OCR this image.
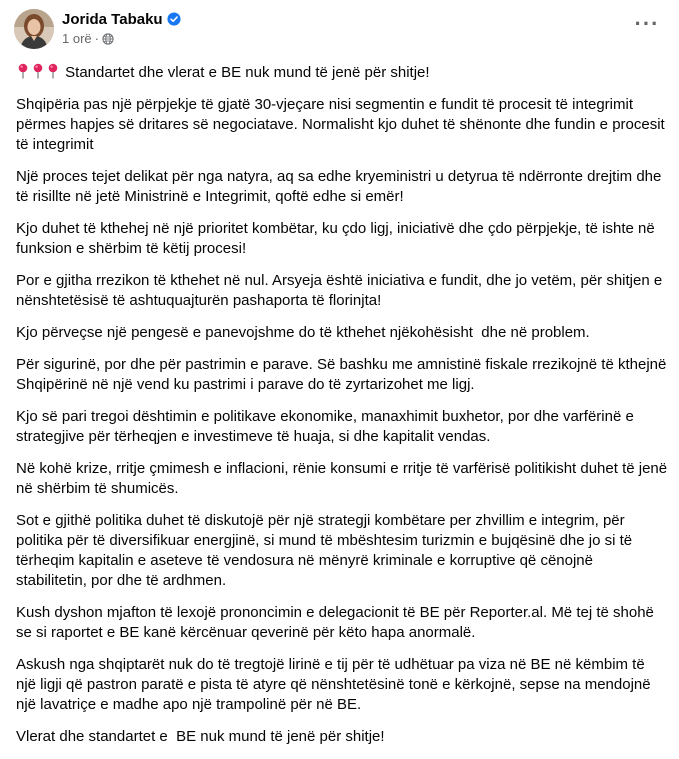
Jorida Tabaku
1 orë ·
···

Standartet dhe vlerat e BE nuk mund të jenë për shitje!

Shqipëria pas një përpjekje të gjatë 30-vjeçare nisi segmentin e fundit të procesit të integrimit përmes hapjes së dritares së negociatave. Normalisht kjo duhet të shënonte dhe fundin e procesit të integrimit

Një proces tejet delikat për nga natyra, aq sa edhe kryeministri u detyrua të ndërronte drejtim dhe të risillte në jetë Ministrinë e Integrimit, qoftë edhe si emër!

Kjo duhet të kthehej në një prioritet kombëtar, ku çdo ligj, iniciativë dhe çdo përpjekje, të ishte në funksion e shërbim të këtij procesi!

Por e gjitha rrezikon të kthehet në nul. Arsyeja është iniciativa e fundit, dhe jo vetëm, për shitjen e nënshtetësisë të ashtuquajturën pashaporta të florinjta!

Kjo përveçse një pengesë e panevojshme do të kthehet njëkohësisht  dhe në problem.

Për sigurinë, por dhe për pastrimin e parave. Së bashku me amnistinë fiskale rrezikojnë të kthejnë Shqipërinë në një vend ku pastrimi i parave do të zyrtarizohet me ligj.

Kjo së pari tregoi dështimin e politikave ekonomike, manaxhimit buxhetor, por dhe varfërinë e strategjive për tërheqjen e investimeve të huaja, si dhe kapitalit vendas.

Në kohë krize, rritje çmimesh e inflacioni, rënie konsumi e rritje të varfërisë politikisht duhet të jenë në shërbim të shumicës.

Sot e gjithë politika duhet të diskutojë për një strategji kombëtare per zhvillim e integrim, për politika për të diversifikuar energjinë, si mund të mbështesim turizmin e bujqësinë dhe jo si të tërheqim kapitalin e aseteve të vendosura në mënyrë kriminale e korruptive që cënojnë stabilitetin, por dhe të ardhmen.

Kush dyshon mjafton të lexojë prononcimin e delegacionit të BE për Reporter.al. Më tej të shohë se si raportet e BE kanë kërcënuar qeverinë për këto hapa anormalë.

Askush nga shqiptarët nuk do të tregtojë lirinë e tij për të udhëtuar pa viza në BE në këmbim të një ligji që pastron paratë e pista të atyre që nënshtetësinë tonë e kërkojnë, sepse na mendojnë një lavatriçe e madhe apo një trampolinë për në BE.

Vlerat dhe standartet e  BE nuk mund të jenë për shitje!
